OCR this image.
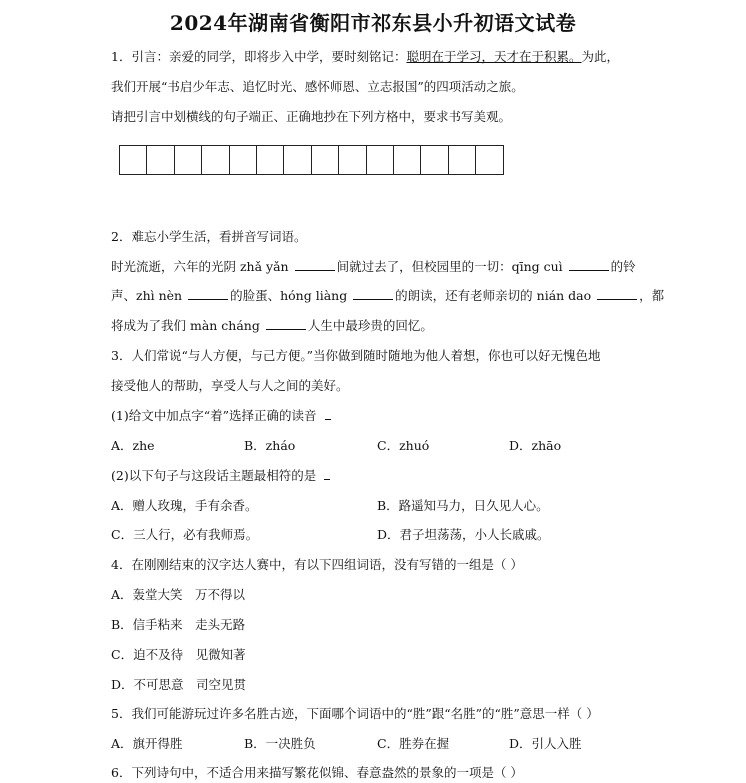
2024年湖南省衡阳市祁东县小升初语文试卷
1．引言：亲爱的同学，即将步入中学，要时刻铭记：聪明在于学习，天才在于积累。为此，
我们开展“书启少年志、追忆时光、感怀师恩、立志报国”的四项活动之旅。
请把引言中划横线的句子端正、正确地抄在下列方格中，要求书写美观。
2．难忘小学生活，看拼音写词语。
时光流逝，六年的光阴 zhǎ yǎn	间就过去了，但校园里的一切：qīng cuì	的铃
声、zhì nèn	的脸蛋、hóng liàng	的朗读，还有老师亲切的 nián dao	，都
将成为了我们 màn cháng	人生中最珍贵的回忆。
3．人们常说“与人方便，与己方便。”当你做到随时随地为他人着想，你也可以好无愧色地
接受他人的帮助，享受人与人之间的美好。
(1)给文中加点字“着”选择正确的读音
A．zhe	B．zháo	C．zhuó	D．zhāo
(2)以下句子与这段话主题最相符的是
A．赠人玫瑰，手有余香。	B．路遥知马力，日久见人心。
C．三人行，必有我师焉。	D．君子坦荡荡，小人长戚戚。
4．在刚刚结束的汉字达人赛中，有以下四组词语，没有写错的一组是（ ）
A．轰堂大笑　万不得以
B．信手粘来　走头无路
C．迫不及待　见微知著
D．不可思意　司空见贯
5．我们可能游玩过许多名胜古迹，下面哪个词语中的“胜”跟“名胜”的“胜”意思一样（ ）
A．旗开得胜	B．一决胜负	C．胜券在握	D．引人入胜
6．下列诗句中，不适合用来描写繁花似锦、春意盎然的景象的一项是（ ）
